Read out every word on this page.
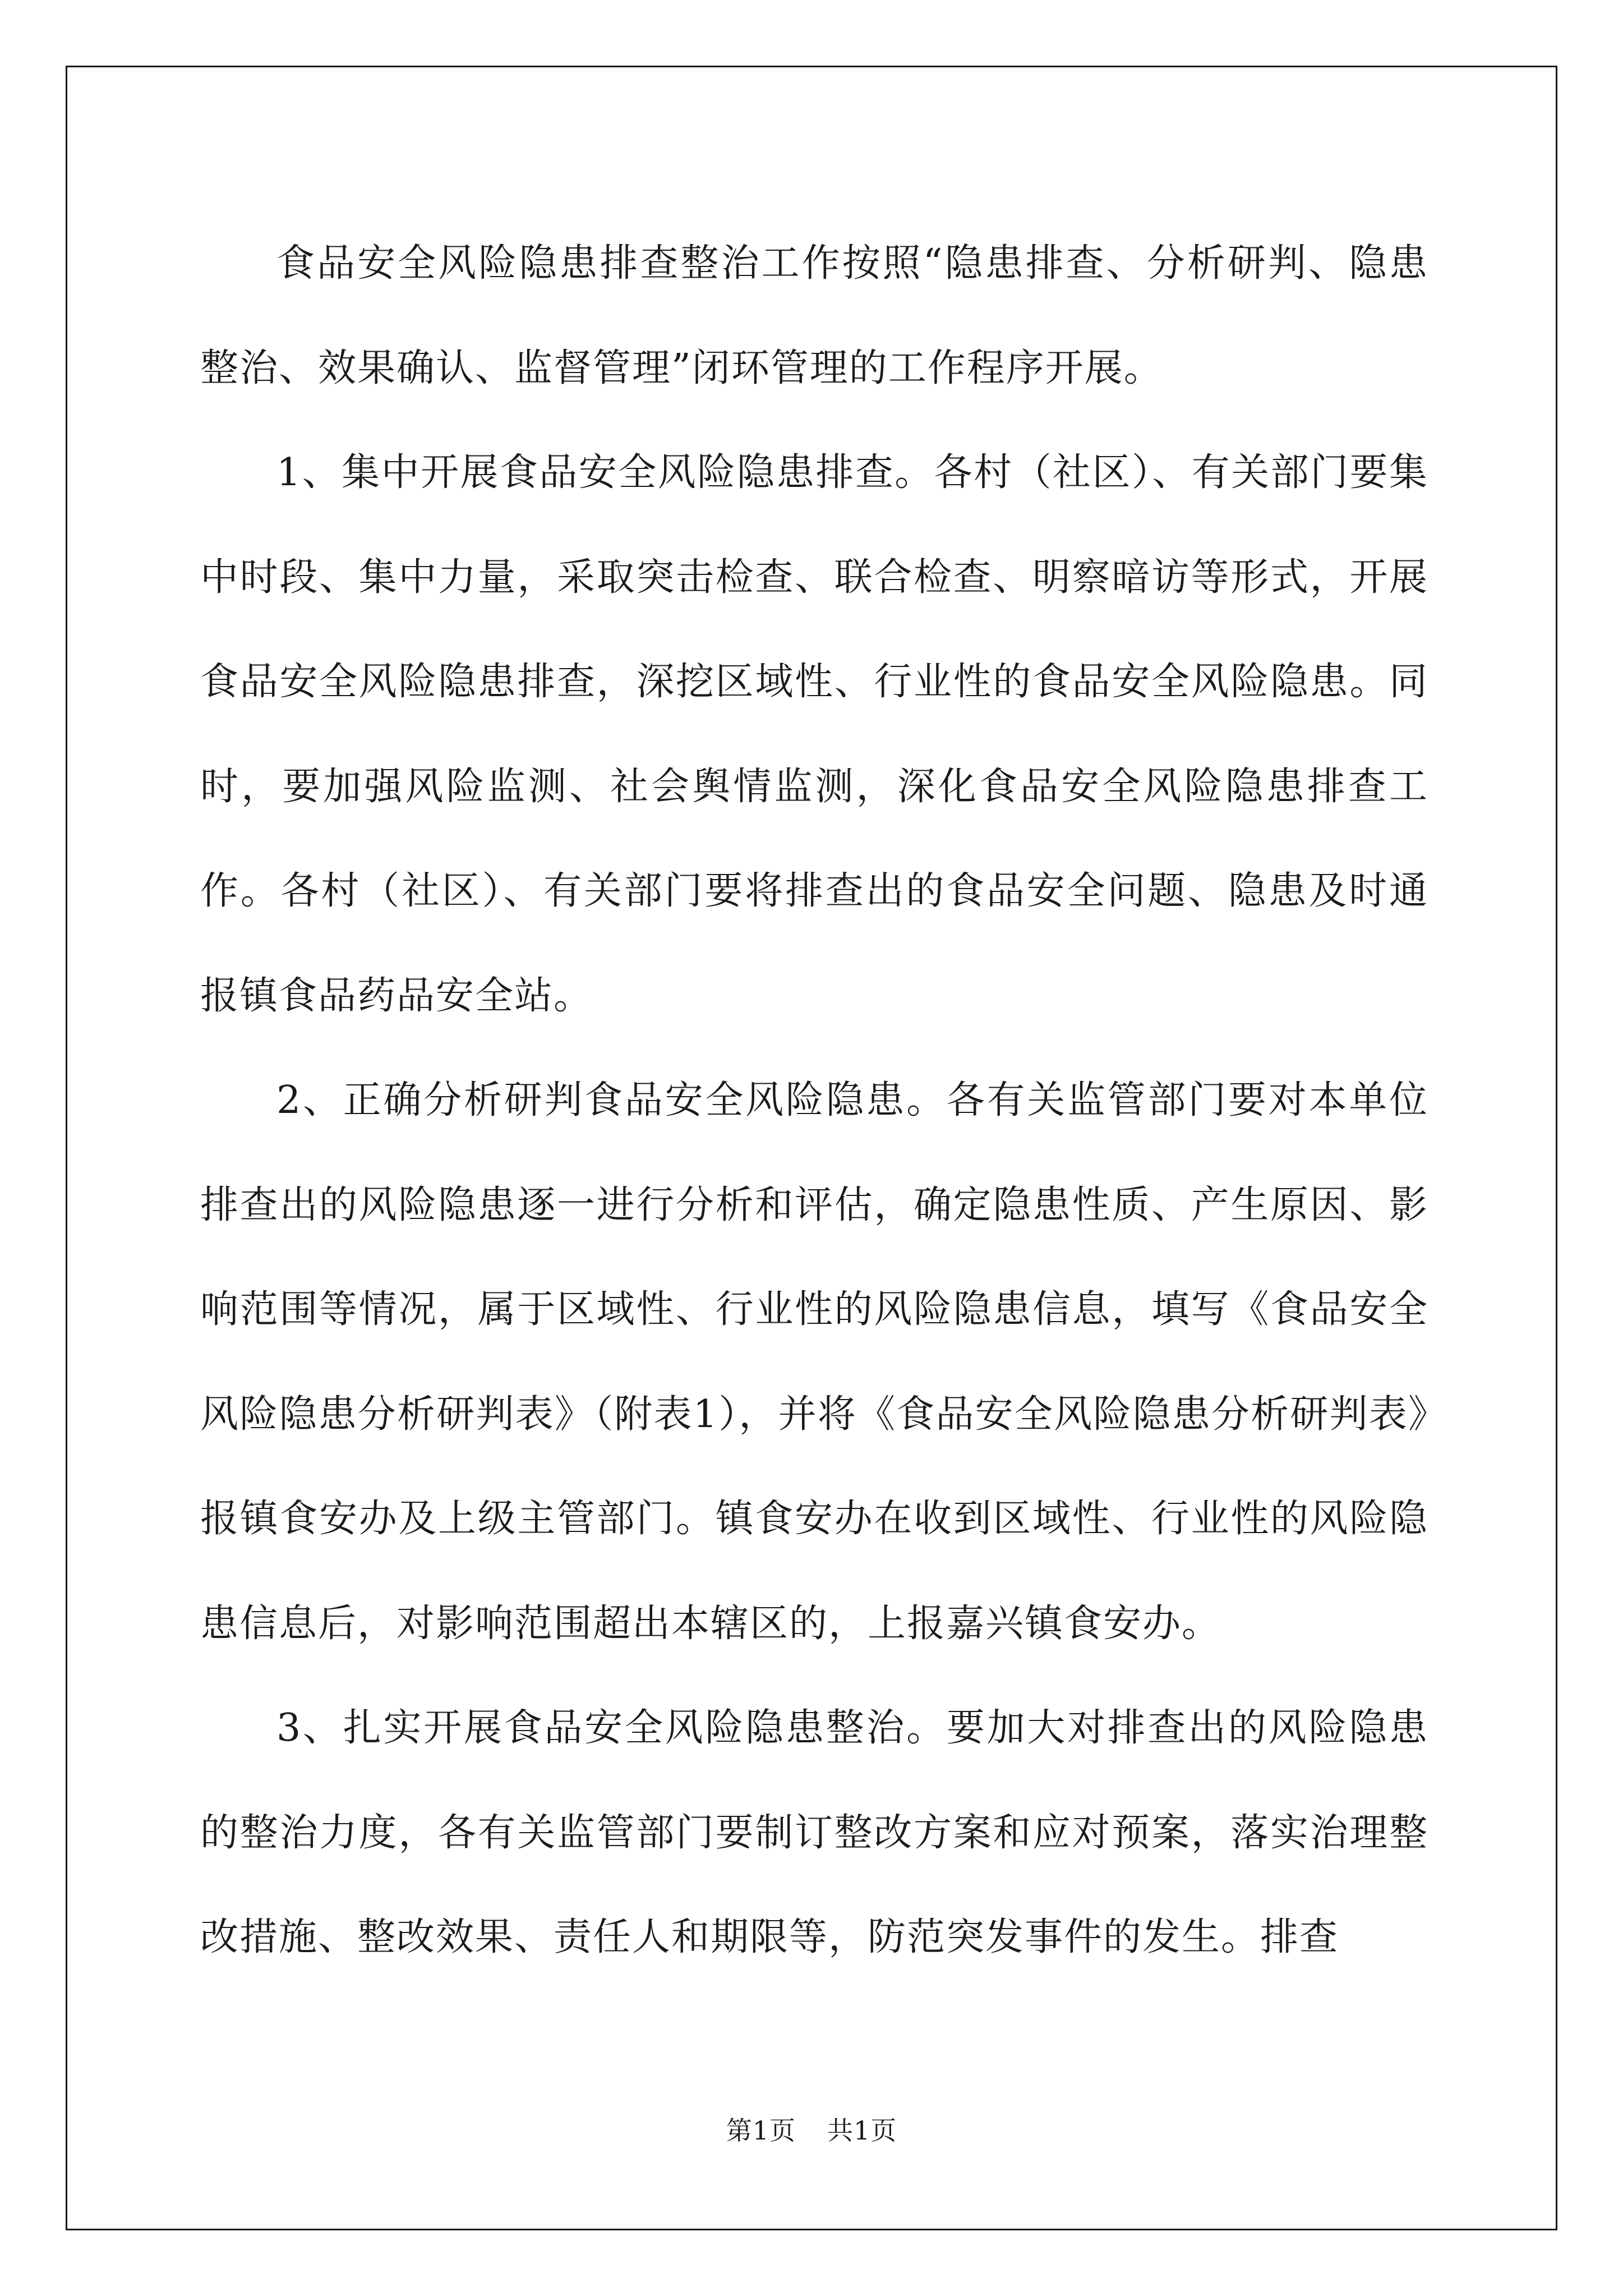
食品安全风险隐患排查整治工作按照“隐患排查、分析研判、隐患整治、效果确认、监督管理”闭环管理的工作程序开展。

1、集中开展食品安全风险隐患排查。各村（社区）、有关部门要集中时段、集中力量，采取突击检查、联合检查、明察暗访等形式，开展食品安全风险隐患排查，深挖区域性、行业性的食品安全风险隐患。同时，要加强风险监测、社会舆情监测，深化食品安全风险隐患排查工作。各村（社区）、有关部门要将排查出的食品安全问题、隐患及时通报镇食品药品安全站。

2、正确分析研判食品安全风险隐患。各有关监管部门要对本单位排查出的风险隐患逐一进行分析和评估，确定隐患性质、产生原因、影响范围等情况，属于区域性、行业性的风险隐患信息，填写《食品安全风险隐患分析研判表》（附表1），并将《食品安全风险隐患分析研判表》报镇食安办及上级主管部门。镇食安办在收到区域性、行业性的风险隐患信息后，对影响范围超出本辖区的，上报嘉兴镇食安办。

3、扎实开展食品安全风险隐患整治。要加大对排查出的风险隐患的整治力度，各有关监管部门要制订整改方案和应对预案，落实治理整改措施、整改效果、责任人和期限等，防范突发事件的发生。排查

第1页 共1页
